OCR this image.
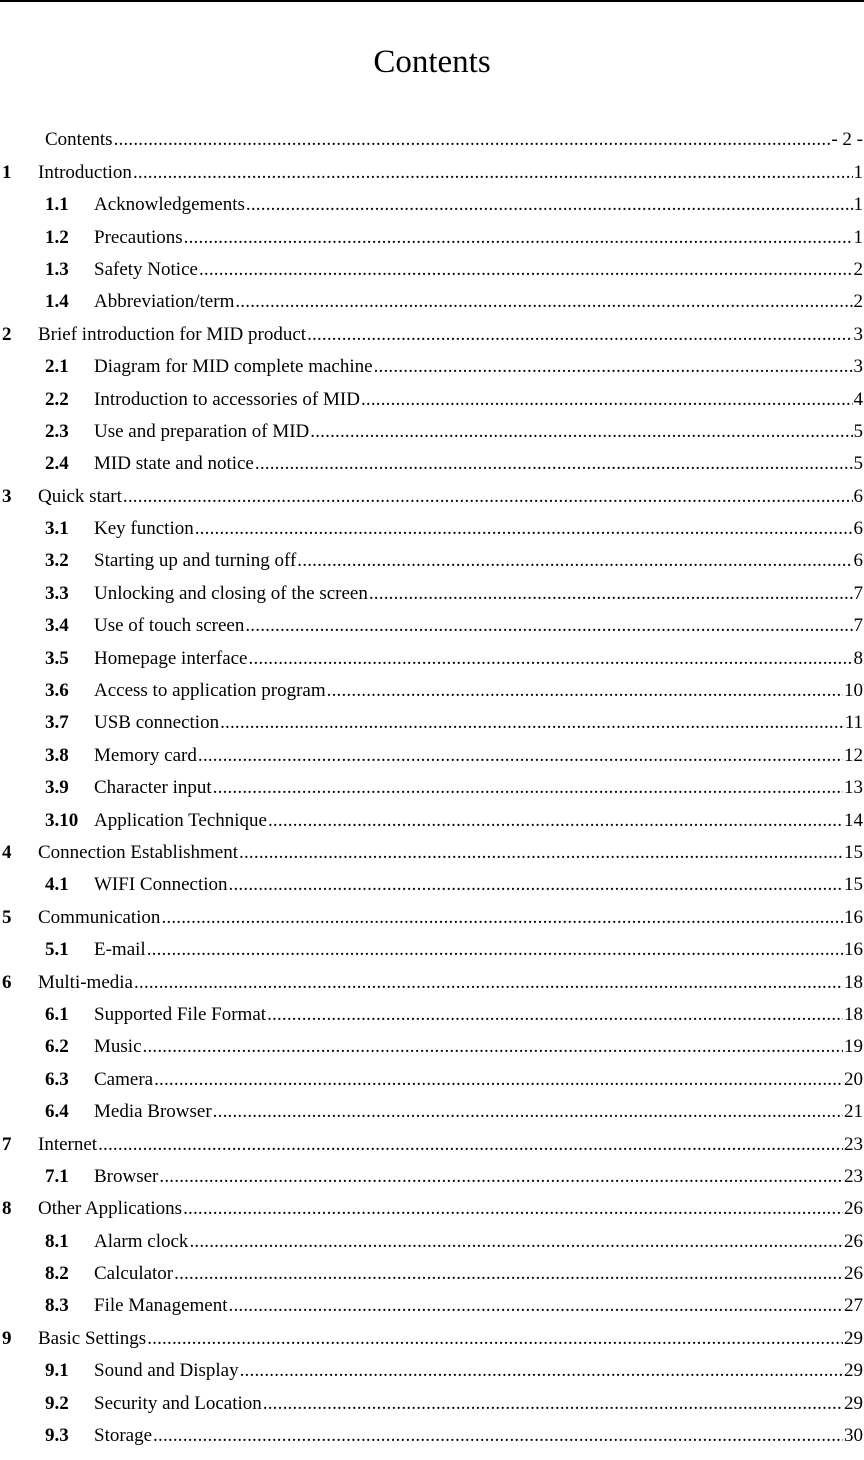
Contents
Contents .....	- 2 -
1	Introduction .....	1
1.1	Acknowledgements .....	1
1.2	Precautions .....	1
1.3	Safety Notice .....	2
1.4	Abbreviation/term .....	2
2	Brief introduction for MID product .....	3
2.1	Diagram for MID complete machine .....	3
2.2	Introduction to accessories of MID .....	4
2.3	Use and preparation of MID .....	5
2.4	MID state and notice .....	5
3	Quick start .....	6
3.1	Key function .....	6
3.2	Starting up and turning off .....	6
3.3	Unlocking and closing of the screen .....	7
3.4	Use of touch screen .....	7
3.5	Homepage interface .....	8
3.6	Access to application program .....	10
3.7	USB connection .....	11
3.8	Memory card .....	12
3.9	Character input .....	13
3.10 Application Technique .....	14
4	Connection Establishment .....	15
4.1	WIFI Connection .....	15
5	Communication .....	16
5.1	E-mail .....	16
6	Multi-media .....	18
6.1	Supported File Format .....	18
6.2	Music .....	19
6.3	Camera .....	20
6.4	Media Browser .....	21
7	Internet .....	23
7.1	Browser .....	23
8	Other Applications .....	26
8.1	Alarm clock .....	26
8.2	Calculator .....	26
8.3	File Management .....	27
9	Basic Settings .....	29
9.1	Sound and Display .....	29
9.2	Security and Location .....	29
9.3	Storage .....	30
